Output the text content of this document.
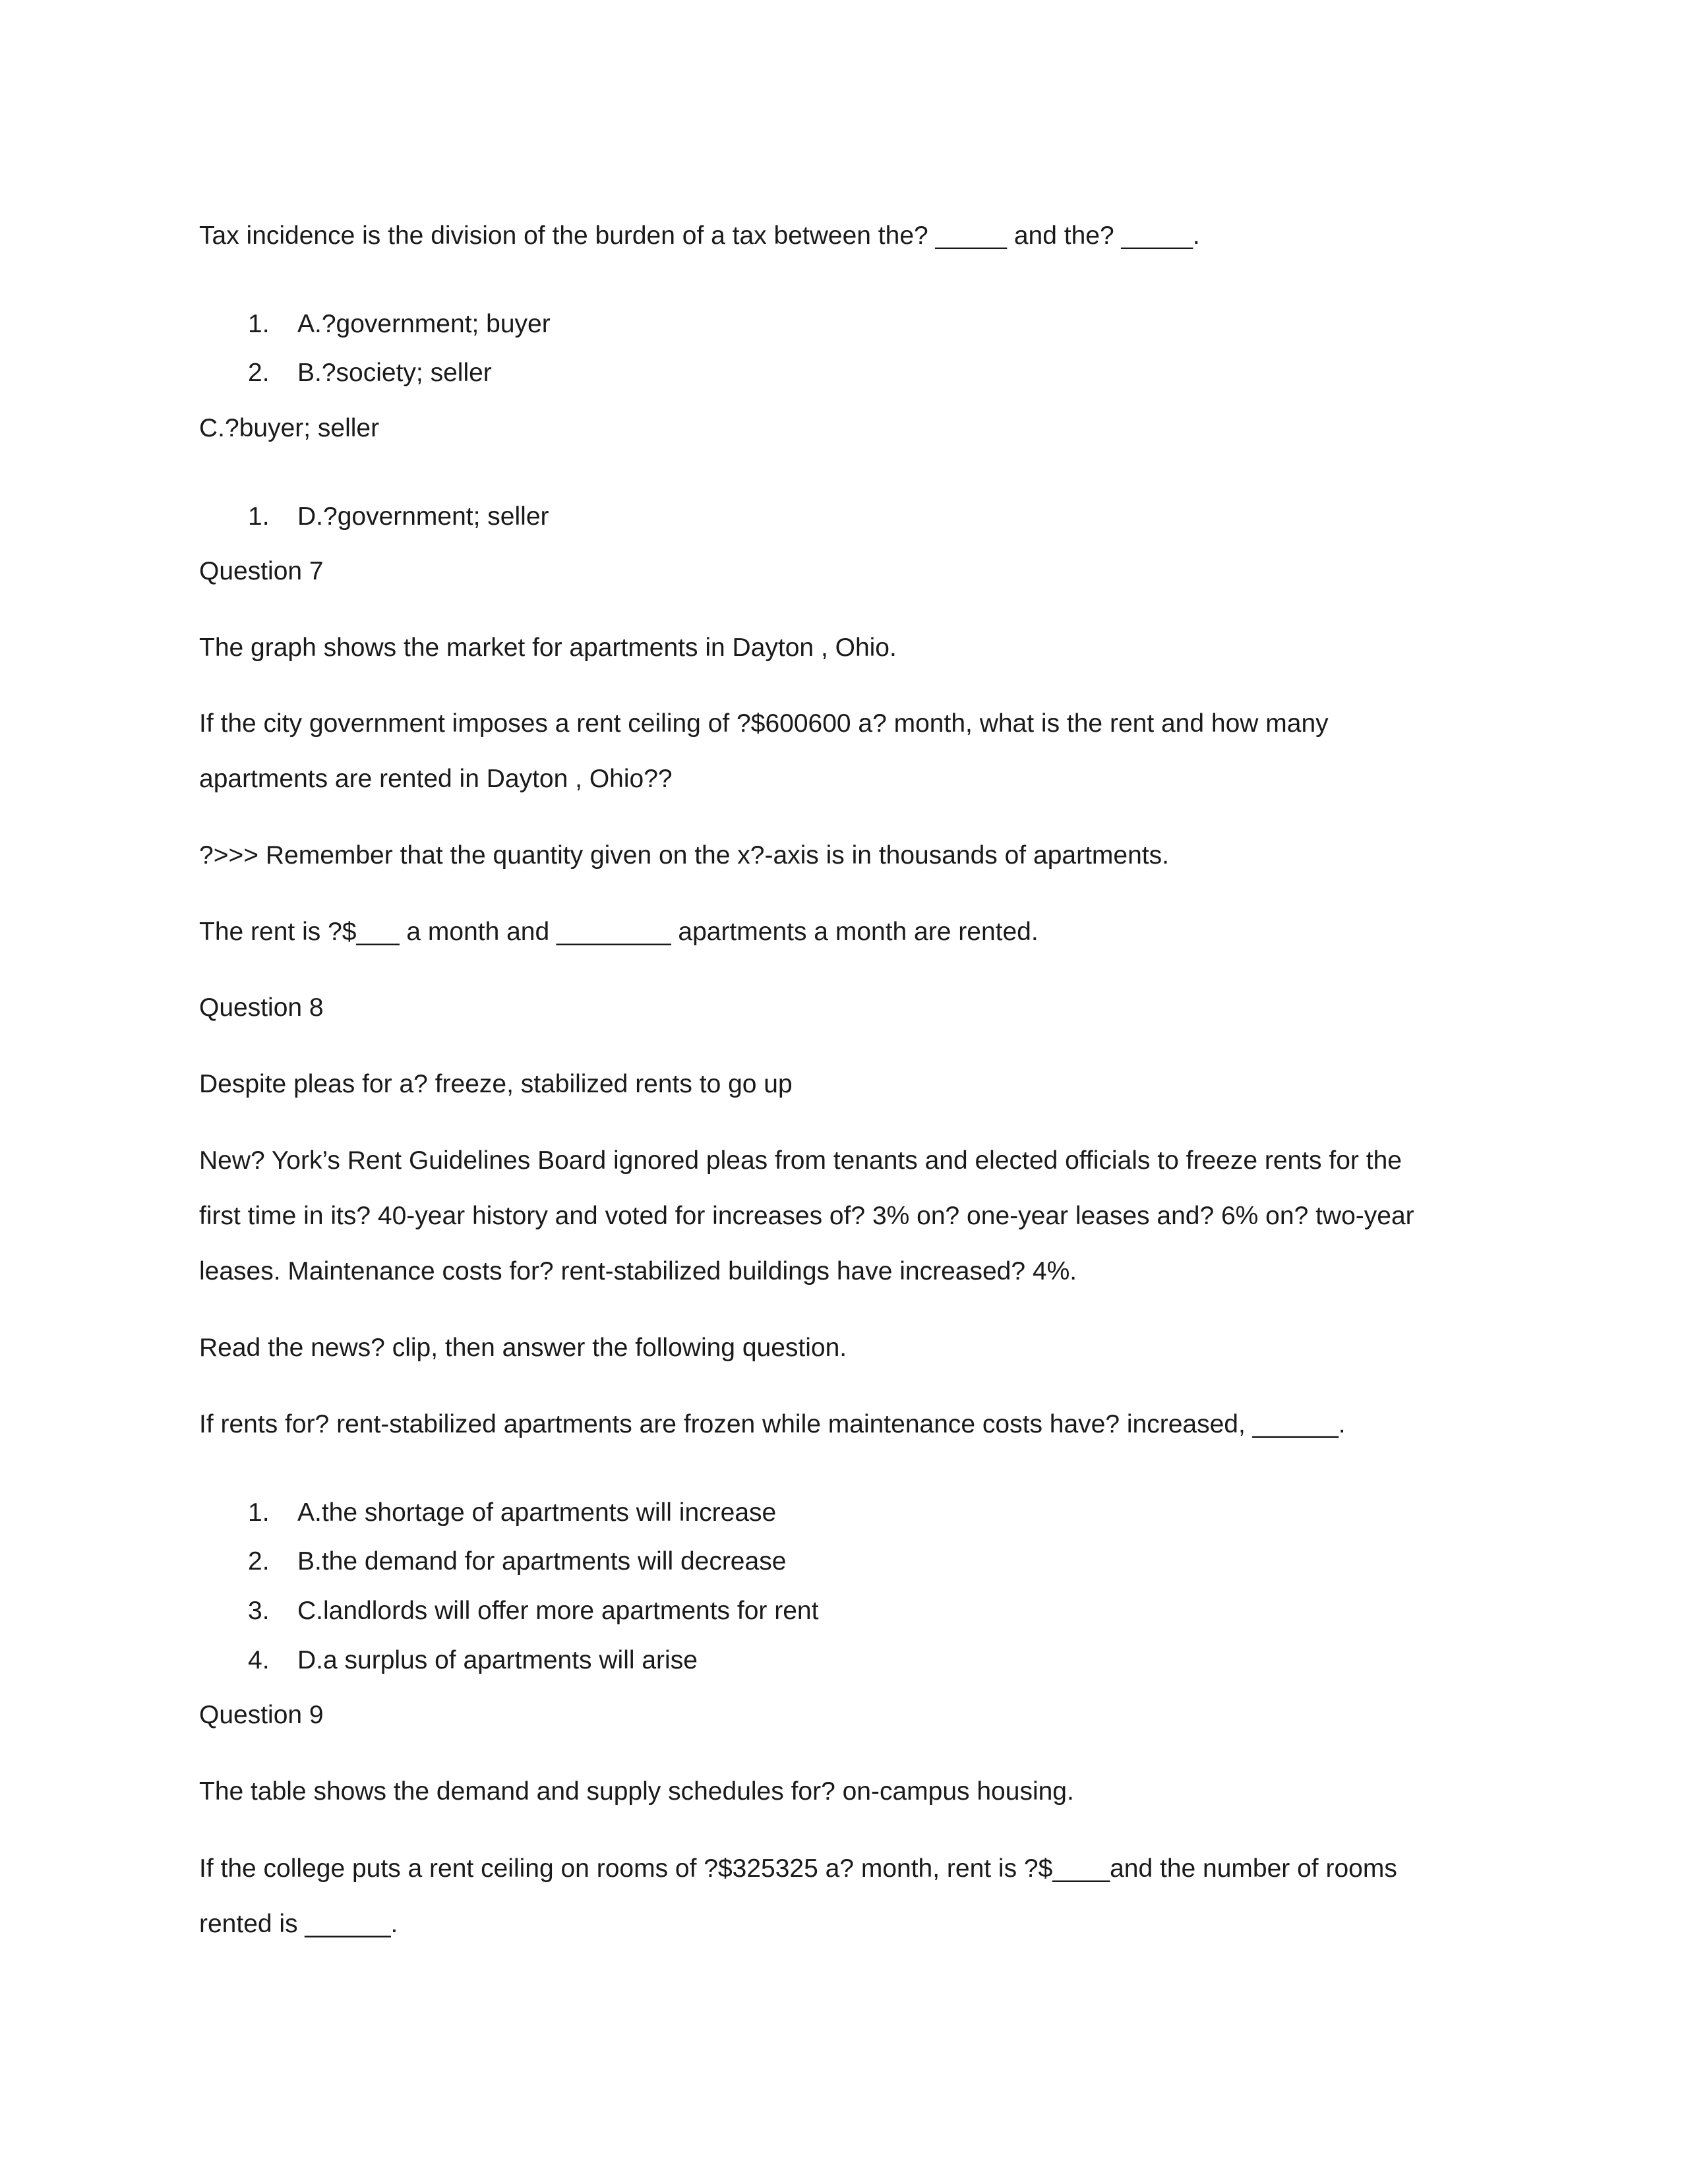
Tax incidence is the division of the burden of a tax between the? _____ and the? _____.

1. A.?government; buyer

2. B.?society; seller

C.?buyer; seller

1. D.?government; seller

Question 7

The graph shows the market for apartments in Dayton , Ohio.

If the city government imposes a rent ceiling of ?$600600 a? month, what is the rent and how many

apartments are rented in Dayton , Ohio??

?>>> Remember that the quantity given on the x?-axis is in thousands of apartments.

The rent is ?$___ a month and ________ apartments a month are rented.

Question 8

Despite pleas for a? freeze, stabilized rents to go up

New? York’s Rent Guidelines Board ignored pleas from tenants and elected officials to freeze rents for the

first time in its? 40-year history and voted for increases of? 3% on? one-year leases and? 6% on? two-year

leases. Maintenance costs for? rent-stabilized buildings have increased? 4%.

Read the news? clip, then answer the following question.

If rents for? rent-stabilized apartments are frozen while maintenance costs have? increased, ______.

1. A.the shortage of apartments will increase

2. B.the demand for apartments will decrease

3. C.landlords will offer more apartments for rent

4. D.a surplus of apartments will arise

Question 9

The table shows the demand and supply schedules for? on-campus housing.

If the college puts a rent ceiling on rooms of ?$325325 a? month, rent is ?$____and the number of rooms

rented is ______.
